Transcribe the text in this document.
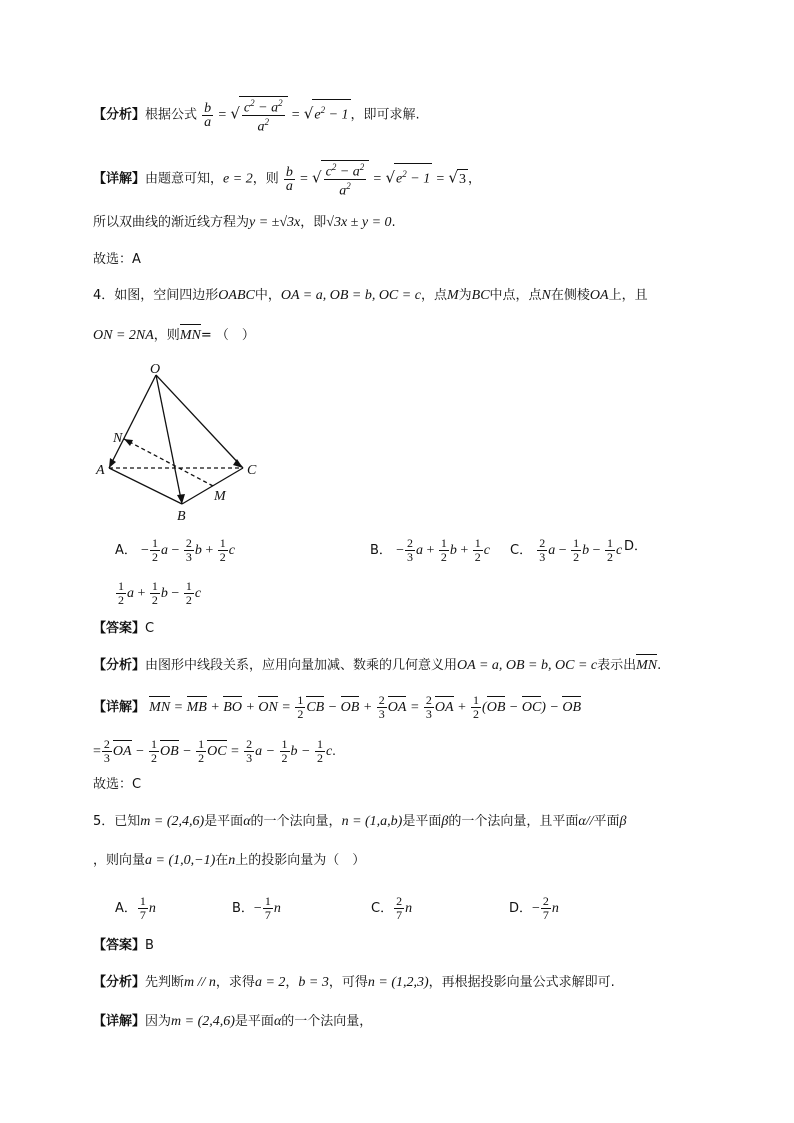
【分析】根据公式 $\frac{b}{a}$ = √ $\frac{c^2 - a^2}{a^2} = √e^2 - 1$ ，即可求解.
【详解】由题意可知，e = 2，则 $\frac{b}{a}$ = √ $\frac{c^2 - a^2}{a^2} = √e^2 - 1 = √3$ ，
所以双曲线的渐近线方程为y = ±√3x，即√3x ± y = 0.
故选：A
4．如图，空间四边形OABC中，OA = a, OB = b, OC = c，点M为BC中点，点N在侧棱OA上，且
ON = 2NA，则MN= （　）
O
N
A	C
M
B
A． − $\frac{1}{2}$ $a - \frac{2}{3}$ $b + \frac{1}{2}$ c	B． − $\frac{2}{3}$ $a + \frac{1}{2}$ $b + \frac{1}{2}$ c C． $\frac{2}{3}$ $a - \frac{1}{2}$ $b - \frac{1}{2}$ c D．
$\frac{1}{2}$ $a + \frac{1}{2}$ $b - \frac{1}{2}$ c
【答案】C
【分析】由图形中线段关系，应用向量加减、数乘的几何意义用OA = a, OB = b, OC = c表示出MN.
【详解】 MN = MB + BO + ON = $\frac{1}{2}$ CB − OB + $\frac{2}{3}$ OA = $\frac{2}{3}$ OA + $\frac{1}{2} (OB - OC)$ − OB
= $\frac{2}{3}$ OA − $\frac{1}{2}$ OB − $\frac{1}{2}$ OC = $\frac{2}{3}$ $a - \frac{1}{2}$ $b - \frac{1}{2} c$.
故选：C
5．已知m = (2,4,6)是平面α的一个法向量，n = (1,a,b)是平面β的一个法向量，且平面α//平面β
，则向量a = (1,0,−1)在n上的投影向量为（　）
A． $\frac{1}{7}$ n	B．− $\frac{1}{7}$ n	C． $\frac{2}{7}$ n	D．− $\frac{2}{7}$ n
【答案】B
【分析】先判断m // n，求得a = 2，b = 3，可得n = (1,2,3)，再根据投影向量公式求解即可.
【详解】因为m = (2,4,6)是平面α的一个法向量，
